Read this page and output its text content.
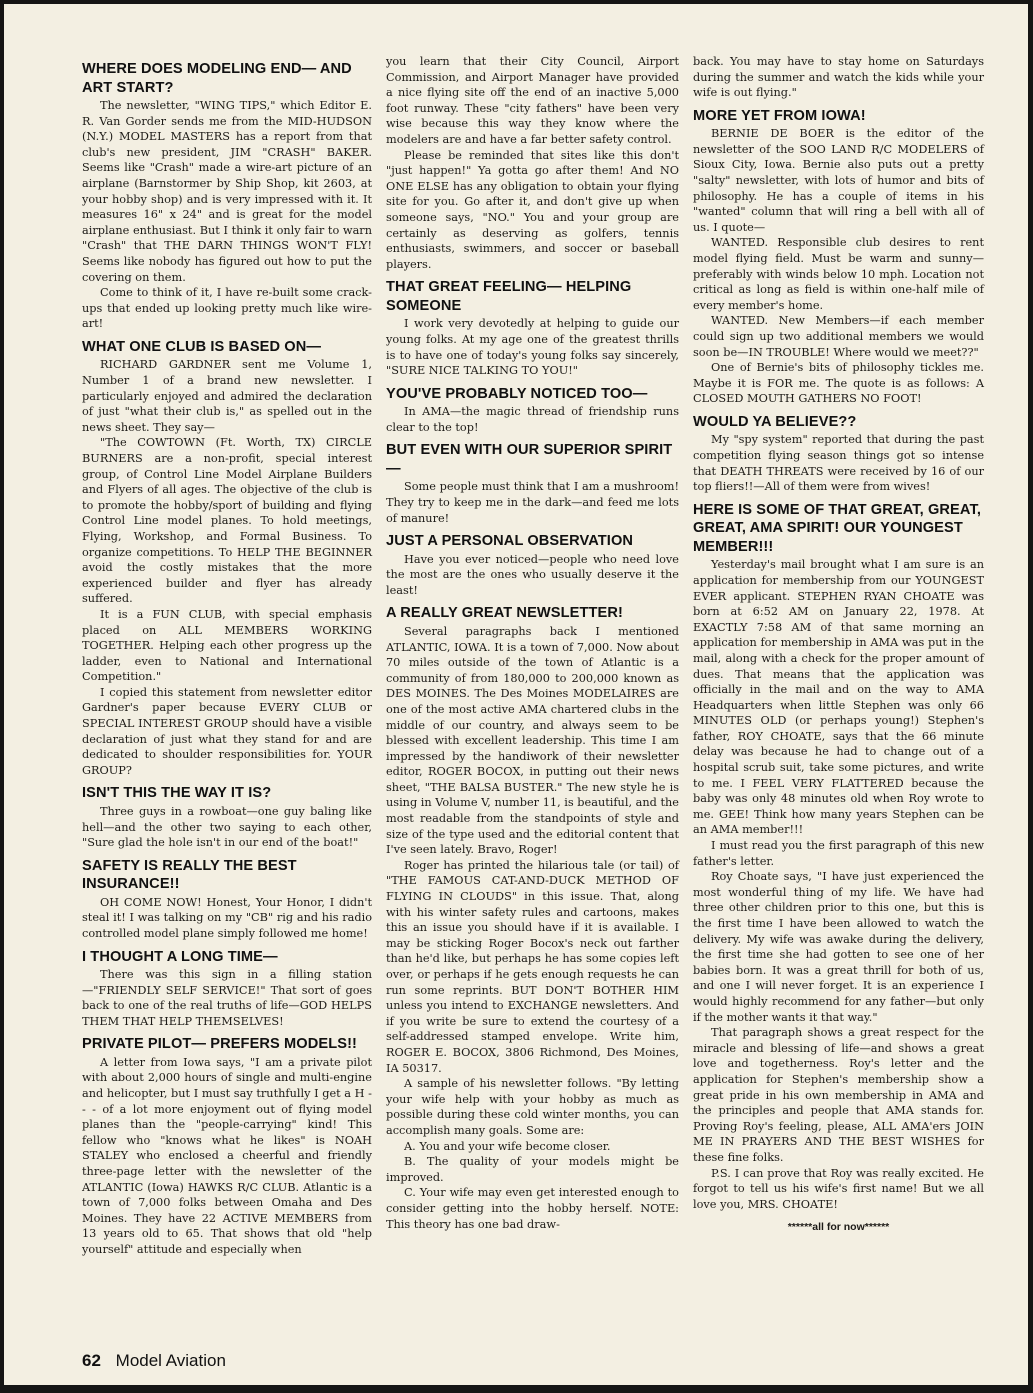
WHERE DOES MODELING END— AND ART START?

The newsletter, "WING TIPS," which Editor E. R. Van Gorder sends me from the MID-HUDSON (N.Y.) MODEL MASTERS has a report from that club's new president, JIM "CRASH" BAKER. Seems like "Crash" made a wire-art picture of an airplane (Barnstormer by Ship Shop, kit 2603, at your hobby shop) and is very impressed with it. It measures 16" x 24" and is great for the model airplane enthusiast. But I think it only fair to warn "Crash" that THE DARN THINGS WON'T FLY! Seems like nobody has figured out how to put the covering on them.

Come to think of it, I have re-built some crack-ups that ended up looking pretty much like wire-art!

WHAT ONE CLUB IS BASED ON—

RICHARD GARDNER sent me Volume 1, Number 1 of a brand new newsletter. I particularly enjoyed and admired the declaration of just "what their club is," as spelled out in the news sheet. They say—

"The COWTOWN (Ft. Worth, TX) CIRCLE BURNERS are a non-profit, special interest group, of Control Line Model Airplane Builders and Flyers of all ages. The objective of the club is to promote the hobby/sport of building and flying Control Line model planes. To hold meetings, Flying, Workshop, and Formal Business. To organize competitions. To HELP THE BEGINNER avoid the costly mistakes that the more experienced builder and flyer has already suffered.

It is a FUN CLUB, with special emphasis placed on ALL MEMBERS WORKING TOGETHER. Helping each other progress up the ladder, even to National and International Competition."

I copied this statement from newsletter editor Gardner's paper because EVERY CLUB or SPECIAL INTEREST GROUP should have a visible declaration of just what they stand for and are dedicated to shoulder responsibilities for. YOUR GROUP?

ISN'T THIS THE WAY IT IS?

Three guys in a rowboat—one guy baling like hell—and the other two saying to each other, "Sure glad the hole isn't in our end of the boat!"

SAFETY IS REALLY THE BEST INSURANCE!!

OH COME NOW! Honest, Your Honor, I didn't steal it! I was talking on my "CB" rig and his radio controlled model plane simply followed me home!

I THOUGHT A LONG TIME—

There was this sign in a filling station—"FRIENDLY SELF SERVICE!" That sort of goes back to one of the real truths of life—GOD HELPS THEM THAT HELP THEMSELVES!

PRIVATE PILOT— PREFERS MODELS!!

A letter from Iowa says, "I am a private pilot with about 2,000 hours of single and multi-engine and helicopter, but I must say truthfully I get a H - - - of a lot more enjoyment out of flying model planes than the "people-carrying" kind! This fellow who "knows what he likes" is NOAH STALEY who enclosed a cheerful and friendly three-page letter with the newsletter of the ATLANTIC (Iowa) HAWKS R/C CLUB. Atlantic is a town of 7,000 folks between Omaha and Des Moines. They have 22 ACTIVE MEMBERS from 13 years old to 65. That shows that old "help yourself" attitude and especially when

you learn that their City Council, Airport Commission, and Airport Manager have provided a nice flying site off the end of an inactive 5,000 foot runway. These "city fathers" have been very wise because this way they know where the modelers are and have a far better safety control.

Please be reminded that sites like this don't "just happen!" Ya gotta go after them! And NO ONE ELSE has any obligation to obtain your flying site for you. Go after it, and don't give up when someone says, "NO." You and your group are certainly as deserving as golfers, tennis enthusiasts, swimmers, and soccer or baseball players.

THAT GREAT FEELING— HELPING SOMEONE

I work very devotedly at helping to guide our young folks. At my age one of the greatest thrills is to have one of today's young folks say sincerely, "SURE NICE TALKING TO YOU!"

YOU'VE PROBABLY NOTICED TOO—

In AMA—the magic thread of friendship runs clear to the top!

BUT EVEN WITH OUR SUPERIOR SPIRIT—

Some people must think that I am a mushroom! They try to keep me in the dark—and feed me lots of manure!

JUST A PERSONAL OBSERVATION

Have you ever noticed—people who need love the most are the ones who usually deserve it the least!

A REALLY GREAT NEWSLETTER!

Several paragraphs back I mentioned ATLANTIC, IOWA. It is a town of 7,000. Now about 70 miles outside of the town of Atlantic is a community of from 180,000 to 200,000 known as DES MOINES. The Des Moines MODELAIRES are one of the most active AMA chartered clubs in the middle of our country, and always seem to be blessed with excellent leadership. This time I am impressed by the handiwork of their newsletter editor, ROGER BOCOX, in putting out their news sheet, "THE BALSA BUSTER." The new style he is using in Volume V, number 11, is beautiful, and the most readable from the standpoints of style and size of the type used and the editorial content that I've seen lately. Bravo, Roger!

Roger has printed the hilarious tale (or tail) of "THE FAMOUS CAT-AND-DUCK METHOD OF FLYING IN CLOUDS" in this issue. That, along with his winter safety rules and cartoons, makes this an issue you should have if it is available. I may be sticking Roger Bocox's neck out farther than he'd like, but perhaps he has some copies left over, or perhaps if he gets enough requests he can run some reprints. BUT DON'T BOTHER HIM unless you intend to EXCHANGE newsletters. And if you write be sure to extend the courtesy of a self-addressed stamped envelope. Write him, ROGER E. BOCOX, 3806 Richmond, Des Moines, IA 50317.

A sample of his newsletter follows. "By letting your wife help with your hobby as much as possible during these cold winter months, you can accomplish many goals. Some are:

A. You and your wife become closer.

B. The quality of your models might be improved.

C. Your wife may even get interested enough to consider getting into the hobby herself. NOTE: This theory has one bad draw-

back. You may have to stay home on Saturdays during the summer and watch the kids while your wife is out flying."

MORE YET FROM IOWA!

BERNIE DE BOER is the editor of the newsletter of the SOO LAND R/C MODELERS of Sioux City, Iowa. Bernie also puts out a pretty "salty" newsletter, with lots of humor and bits of philosophy. He has a couple of items in his "wanted" column that will ring a bell with all of us. I quote—

WANTED. Responsible club desires to rent model flying field. Must be warm and sunny—preferably with winds below 10 mph. Location not critical as long as field is within one-half mile of every member's home.

WANTED. New Members—if each member could sign up two additional members we would soon be—IN TROUBLE! Where would we meet??"

One of Bernie's bits of philosophy tickles me. Maybe it is FOR me. The quote is as follows: A CLOSED MOUTH GATHERS NO FOOT!

WOULD YA BELIEVE??

My "spy system" reported that during the past competition flying season things got so intense that DEATH THREATS were received by 16 of our top fliers!!—All of them were from wives!

HERE IS SOME OF THAT GREAT, GREAT, GREAT, AMA SPIRIT! OUR YOUNGEST MEMBER!!!

Yesterday's mail brought what I am sure is an application for membership from our YOUNGEST EVER applicant. STEPHEN RYAN CHOATE was born at 6:52 AM on January 22, 1978. At EXACTLY 7:58 AM of that same morning an application for membership in AMA was put in the mail, along with a check for the proper amount of dues. That means that the application was officially in the mail and on the way to AMA Headquarters when little Stephen was only 66 MINUTES OLD (or perhaps young!) Stephen's father, ROY CHOATE, says that the 66 minute delay was because he had to change out of a hospital scrub suit, take some pictures, and write to me. I FEEL VERY FLATTERED because the baby was only 48 minutes old when Roy wrote to me. GEE! Think how many years Stephen can be an AMA member!!!

I must read you the first paragraph of this new father's letter.

Roy Choate says, "I have just experienced the most wonderful thing of my life. We have had three other children prior to this one, but this is the first time I have been allowed to watch the delivery. My wife was awake during the delivery, the first time she had gotten to see one of her babies born. It was a great thrill for both of us, and one I will never forget. It is an experience I would highly recommend for any father—but only if the mother wants it that way."

That paragraph shows a great respect for the miracle and blessing of life—and shows a great love and togetherness. Roy's letter and the application for Stephen's membership show a great pride in his own membership in AMA and the principles and people that AMA stands for. Proving Roy's feeling, please, ALL AMA'ers JOIN ME IN PRAYERS AND THE BEST WISHES for these fine folks.

P.S. I can prove that Roy was really excited. He forgot to tell us his wife's first name! But we all love you, MRS. CHOATE!

******all for now******

62 Model Aviation
